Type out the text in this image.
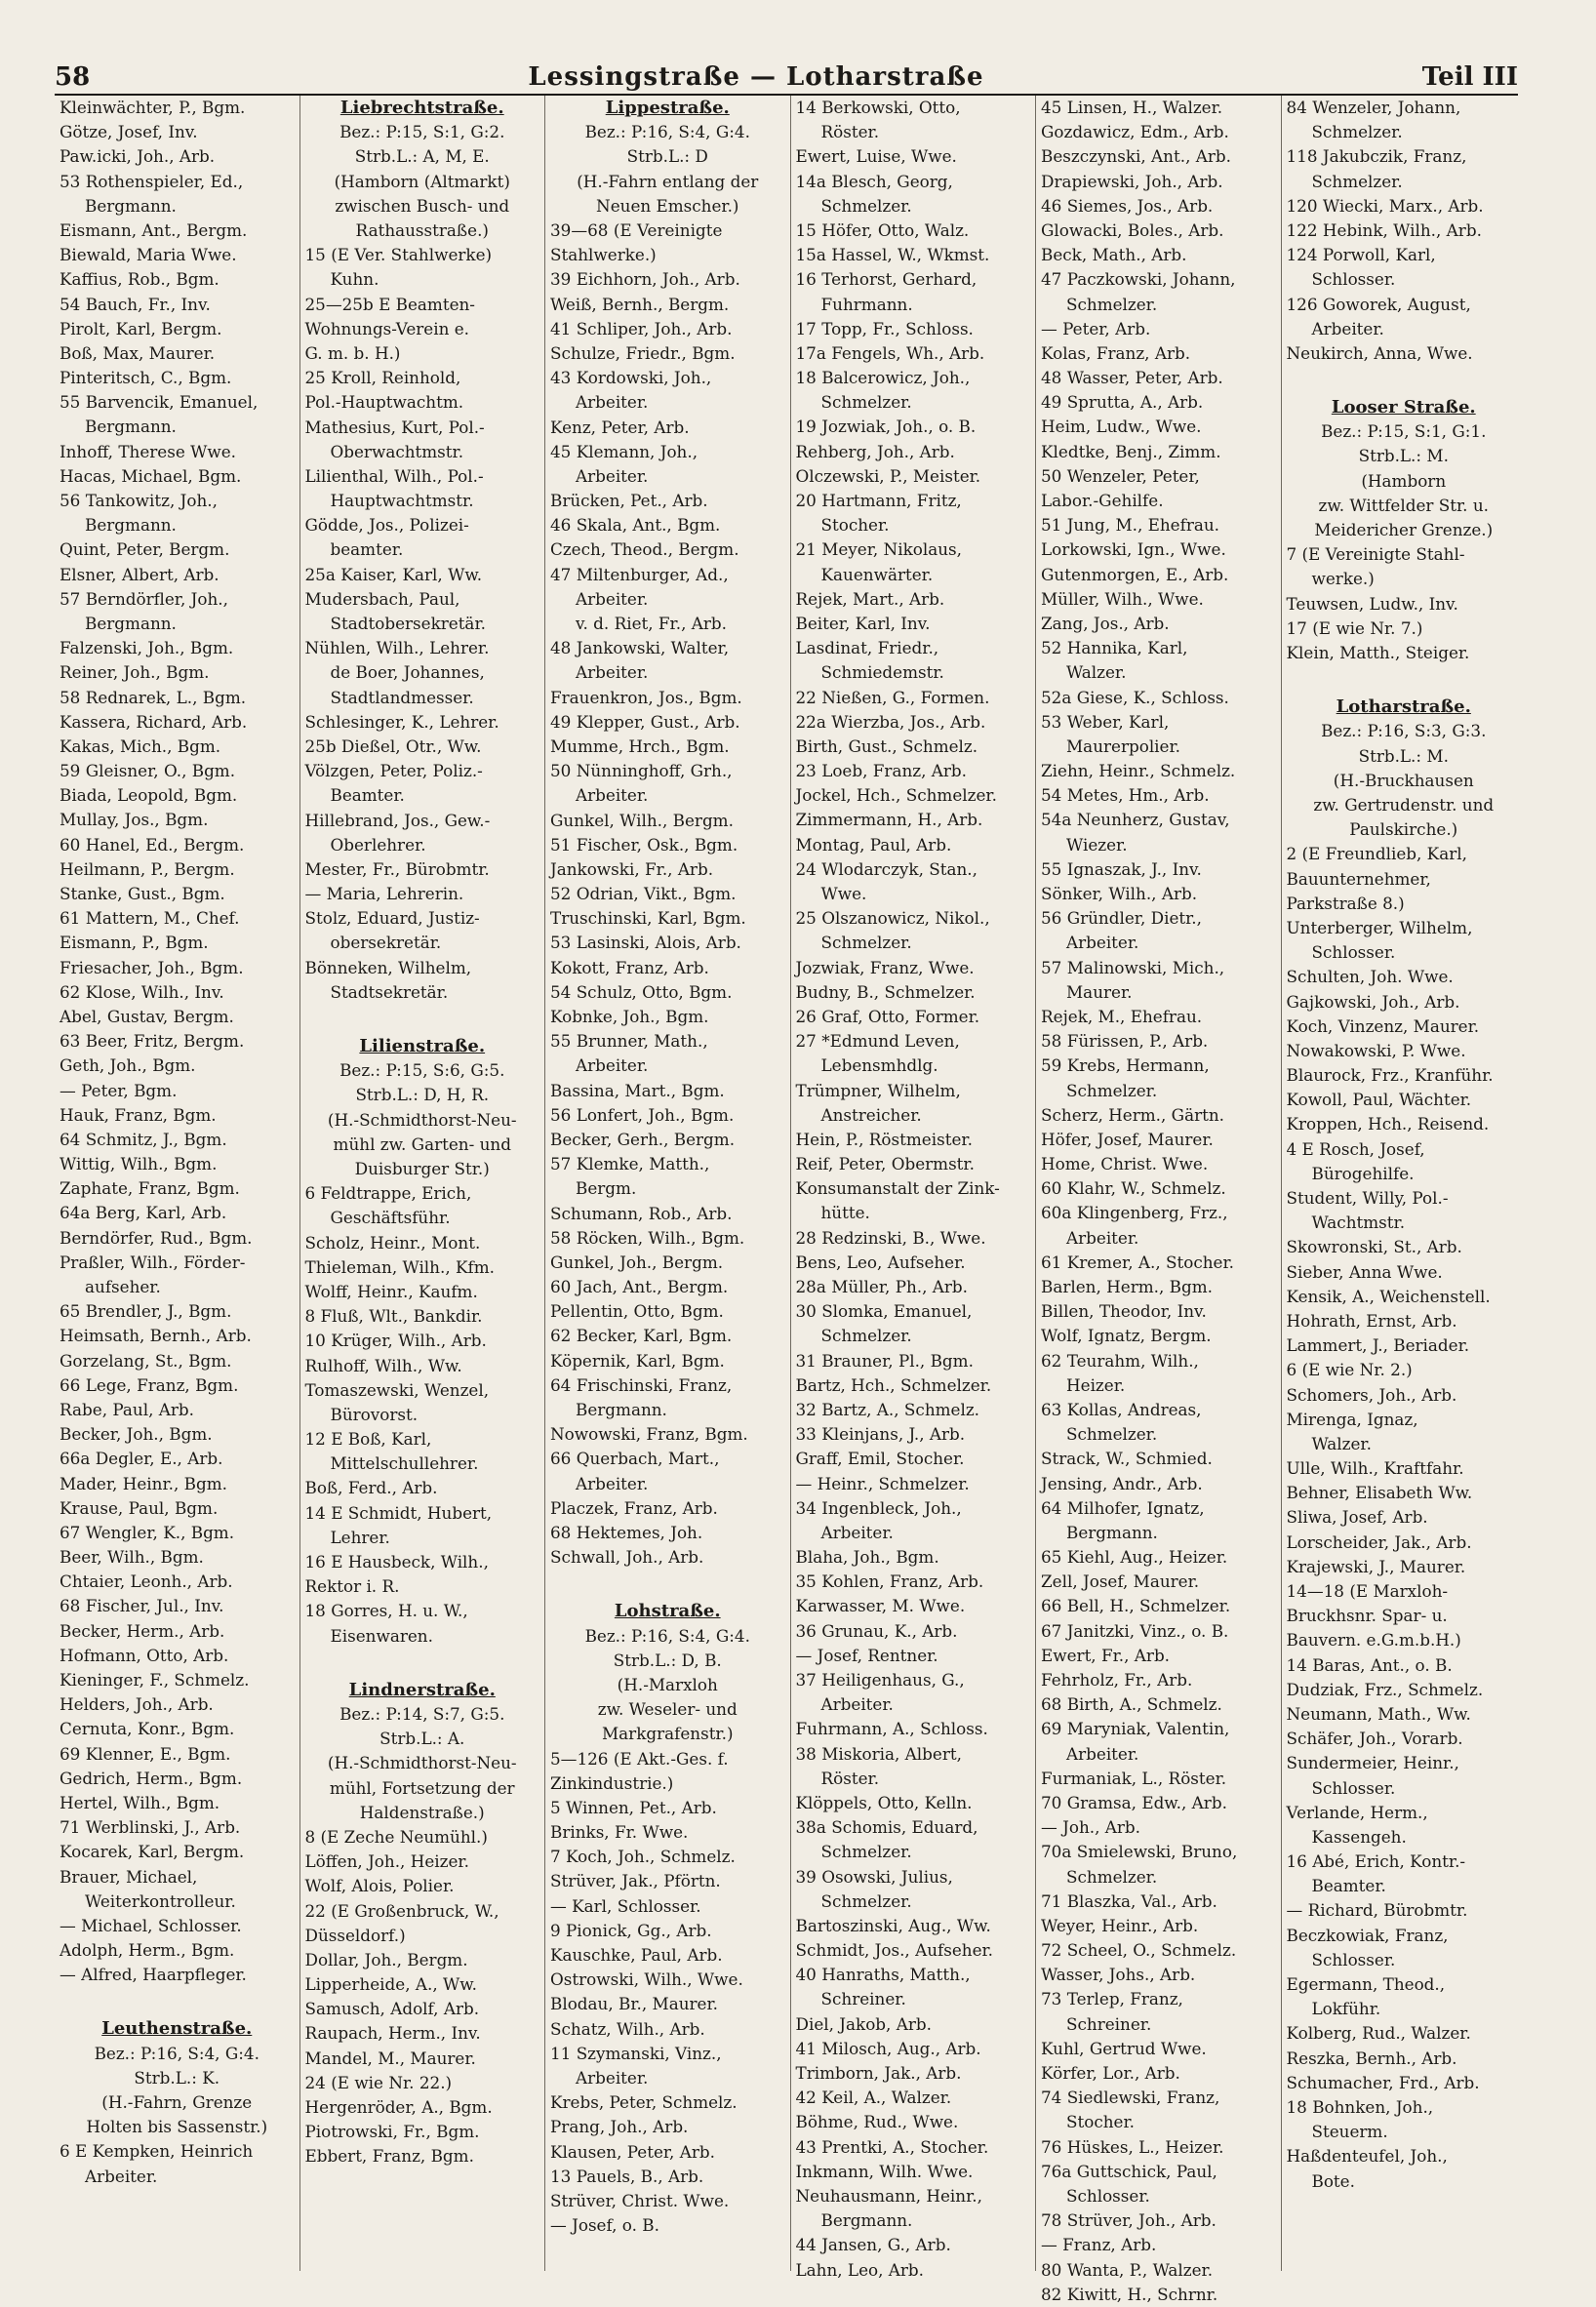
58	Lessingstraße — Lotharstraße	Teil III
Kleinwächter, P., Bgm.
Götze, Josef, Inv.
Paw.icki, Joh., Arb.
53 Rothenspieler, Ed.,
Bergmann.
Eismann, Ant., Bergm.
Biewald, Maria Wwe.
Kaffius, Rob., Bgm.
54 Bauch, Fr., Inv.
Pirolt, Karl, Bergm.
Boß, Max, Maurer.
Pinteritsch, C., Bgm.
55 Barvencik, Emanuel,
Bergmann.
Inhoff, Therese Wwe.
Hacas, Michael, Bgm.
56 Tankowitz, Joh.,
Bergmann.
Quint, Peter, Bergm.
Elsner, Albert, Arb.
57 Berndörfler, Joh.,
Bergmann.
Falzenski, Joh., Bgm.
Reiner, Joh., Bgm.
58 Rednarek, L., Bgm.
Kassera, Richard, Arb.
Kakas, Mich., Bgm.
59 Gleisner, O., Bgm.
Biada, Leopold, Bgm.
Mullay, Jos., Bgm.
60 Hanel, Ed., Bergm.
Heilmann, P., Bergm.
Stanke, Gust., Bgm.
61 Mattern, M., Chef.
Eismann, P., Bgm.
Friesacher, Joh., Bgm.
62 Klose, Wilh., Inv.
Abel, Gustav, Bergm.
63 Beer, Fritz, Bergm.
Geth, Joh., Bgm.
— Peter, Bgm.
Hauk, Franz, Bgm.
64 Schmitz, J., Bgm.
Wittig, Wilh., Bgm.
Zaphate, Franz, Bgm.
64a Berg, Karl, Arb.
Berndörfer, Rud., Bgm.
Praßler, Wilh., Förder-
aufseher.
65 Brendler, J., Bgm.
Heimsath, Bernh., Arb.
Gorzelang, St., Bgm.
66 Lege, Franz, Bgm.
Rabe, Paul, Arb.
Becker, Joh., Bgm.
66a Degler, E., Arb.
Mader, Heinr., Bgm.
Krause, Paul, Bgm.
67 Wengler, K., Bgm.
Beer, Wilh., Bgm.
Chtaier, Leonh., Arb.
68 Fischer, Jul., Inv.
Becker, Herm., Arb.
Hofmann, Otto, Arb.
Kieninger, F., Schmelz.
Helders, Joh., Arb.
Cernuta, Konr., Bgm.
69 Klenner, E., Bgm.
Gedrich, Herm., Bgm.
Hertel, Wilh., Bgm.
71 Werblinski, J., Arb.
Kocarek, Karl, Bergm.
Brauer, Michael,
Weiterkontrolleur.
— Michael, Schlosser.
Adolph, Herm., Bgm.
— Alfred, Haarpfleger.
Leuthenstraße.
Bez.: P:16, S:4, G:4.
Strb.L.: K.
(H.-Fahrn, Grenze
Holten bis Sassenstr.)
6 E Kempken, Heinrich
Arbeiter.
Liebrechtstraße.
Bez.: P:15, S:1, G:2.
Strb.L.: A, M, E.
(Hamborn (Altmarkt)
zwischen Busch- und
Rathausstraße.)
15 (E Ver. Stahlwerke)
Kuhn.
25—25b E Beamten-
Wohnungs-Verein e.
G. m. b. H.)
25 Kroll, Reinhold,
Pol.-Hauptwachtm.
Mathesius, Kurt, Pol.-
Oberwachtmstr.
Lilienthal, Wilh., Pol.-
Hauptwachtmstr.
Gödde, Jos., Polizei-
beamter.
25a Kaiser, Karl, Ww.
Mudersbach, Paul,
Stadtobersekretär.
Nühlen, Wilh., Lehrer.
de Boer, Johannes,
Stadtlandmesser.
Schlesinger, K., Lehrer.
25b Dießel, Otr., Ww.
Völzgen, Peter, Poliz.-
Beamter.
Hillebrand, Jos., Gew.-
Oberlehrer.
Mester, Fr., Bürobmtr.
— Maria, Lehrerin.
Stolz, Eduard, Justiz-
obersekretär.
Bönneken, Wilhelm,
Stadtsekretär.
Lilienstraße.
Bez.: P:15, S:6, G:5.
Strb.L.: D, H, R.
(H.-Schmidthorst-Neu-
mühl zw. Garten- und
Duisburger Str.)
6 Feldtrappe, Erich,
Geschäftsführ.
Scholz, Heinr., Mont.
Thieleman, Wilh., Kfm.
Wolff, Heinr., Kaufm.
8 Fluß, Wlt., Bankdir.
10 Krüger, Wilh., Arb.
Rulhoff, Wilh., Ww.
Tomaszewski, Wenzel,
Bürovorst.
12 E Boß, Karl,
Mittelschullehrer.
Boß, Ferd., Arb.
14 E Schmidt, Hubert,
Lehrer.
16 E Hausbeck, Wilh.,
Rektor i. R.
18 Gorres, H. u. W.,
Eisenwaren.
Lindnerstraße.
Bez.: P:14, S:7, G:5.
Strb.L.: A.
(H.-Schmidthorst-Neu-
mühl, Fortsetzung der
Haldenstraße.)
8 (E Zeche Neumühl.)
Löffen, Joh., Heizer.
Wolf, Alois, Polier.
22 (E Großenbruck, W.,
Düsseldorf.)
Dollar, Joh., Bergm.
Lipperheide, A., Ww.
Samusch, Adolf, Arb.
Raupach, Herm., Inv.
Mandel, M., Maurer.
24 (E wie Nr. 22.)
Hergenröder, A., Bgm.
Piotrowski, Fr., Bgm.
Ebbert, Franz, Bgm.
Lippestraße.
Bez.: P:16, S:4, G:4.
Strb.L.: D
(H.-Fahrn entlang der
Neuen Emscher.)
39—68 (E Vereinigte
Stahlwerke.)
39 Eichhorn, Joh., Arb.
Weiß, Bernh., Bergm.
41 Schliper, Joh., Arb.
Schulze, Friedr., Bgm.
43 Kordowski, Joh.,
Arbeiter.
Kenz, Peter, Arb.
45 Klemann, Joh.,
Arbeiter.
Brücken, Pet., Arb.
46 Skala, Ant., Bgm.
Czech, Theod., Bergm.
47 Miltenburger, Ad.,
Arbeiter.
v. d. Riet, Fr., Arb.
48 Jankowski, Walter,
Arbeiter.
Frauenkron, Jos., Bgm.
49 Klepper, Gust., Arb.
Mumme, Hrch., Bgm.
50 Nünninghoff, Grh.,
Arbeiter.
Gunkel, Wilh., Bergm.
51 Fischer, Osk., Bgm.
Jankowski, Fr., Arb.
52 Odrian, Vikt., Bgm.
Truschinski, Karl, Bgm.
53 Lasinski, Alois, Arb.
Kokott, Franz, Arb.
54 Schulz, Otto, Bgm.
Kobnke, Joh., Bgm.
55 Brunner, Math.,
Arbeiter.
Bassina, Mart., Bgm.
56 Lonfert, Joh., Bgm.
Becker, Gerh., Bergm.
57 Klemke, Matth.,
Bergm.
Schumann, Rob., Arb.
58 Röcken, Wilh., Bgm.
Gunkel, Joh., Bergm.
60 Jach, Ant., Bergm.
Pellentin, Otto, Bgm.
62 Becker, Karl, Bgm.
Köpernik, Karl, Bgm.
64 Frischinski, Franz,
Bergmann.
Nowowski, Franz, Bgm.
66 Querbach, Mart.,
Arbeiter.
Placzek, Franz, Arb.
68 Hektemes, Joh.
Schwall, Joh., Arb.
Lohstraße.
Bez.: P:16, S:4, G:4.
Strb.L.: D, B.
(H.-Marxloh
zw. Weseler- und
Markgrafenstr.)
5—126 (E Akt.-Ges. f.
Zinkindustrie.)
5 Winnen, Pet., Arb.
Brinks, Fr. Wwe.
7 Koch, Joh., Schmelz.
Strüver, Jak., Pförtn.
— Karl, Schlosser.
9 Pionick, Gg., Arb.
Kauschke, Paul, Arb.
Ostrowski, Wilh., Wwe.
Blodau, Br., Maurer.
Schatz, Wilh., Arb.
11 Szymanski, Vinz.,
Arbeiter.
Krebs, Peter, Schmelz.
Prang, Joh., Arb.
Klausen, Peter, Arb.
13 Pauels, B., Arb.
Strüver, Christ. Wwe.
— Josef, o. B.
14 Berkowski, Otto,
Röster.
Ewert, Luise, Wwe.
14a Blesch, Georg,
Schmelzer.
15 Höfer, Otto, Walz.
15a Hassel, W., Wkmst.
16 Terhorst, Gerhard,
Fuhrmann.
17 Topp, Fr., Schloss.
17a Fengels, Wh., Arb.
18 Balcerowicz, Joh.,
Schmelzer.
19 Jozwiak, Joh., o. B.
Rehberg, Joh., Arb.
Olczewski, P., Meister.
20 Hartmann, Fritz,
Stocher.
21 Meyer, Nikolaus,
Kauenwärter.
Rejek, Mart., Arb.
Beiter, Karl, Inv.
Lasdinat, Friedr.,
Schmiedemstr.
22 Nießen, G., Formen.
22a Wierzba, Jos., Arb.
Birth, Gust., Schmelz.
23 Loeb, Franz, Arb.
Jockel, Hch., Schmelzer.
Zimmermann, H., Arb.
Montag, Paul, Arb.
24 Wlodarczyk, Stan.,
Wwe.
25 Olszanowicz, Nikol.,
Schmelzer.
Jozwiak, Franz, Wwe.
Budny, B., Schmelzer.
26 Graf, Otto, Former.
27 *Edmund Leven,
Lebensmhdlg.
Trümpner, Wilhelm,
Anstreicher.
Hein, P., Röstmeister.
Reif, Peter, Obermstr.
Konsumanstalt der Zink-
hütte.
28 Redzinski, B., Wwe.
Bens, Leo, Aufseher.
28a Müller, Ph., Arb.
30 Slomka, Emanuel,
Schmelzer.
31 Brauner, Pl., Bgm.
Bartz, Hch., Schmelzer.
32 Bartz, A., Schmelz.
33 Kleinjans, J., Arb.
Graff, Emil, Stocher.
— Heinr., Schmelzer.
34 Ingenbleck, Joh.,
Arbeiter.
Blaha, Joh., Bgm.
35 Kohlen, Franz, Arb.
Karwasser, M. Wwe.
36 Grunau, K., Arb.
— Josef, Rentner.
37 Heiligenhaus, G.,
Arbeiter.
Fuhrmann, A., Schloss.
38 Miskoria, Albert,
Röster.
Klöppels, Otto, Kelln.
38a Schomis, Eduard,
Schmelzer.
39 Osowski, Julius,
Schmelzer.
Bartoszinski, Aug., Ww.
Schmidt, Jos., Aufseher.
40 Hanraths, Matth.,
Schreiner.
Diel, Jakob, Arb.
41 Milosch, Aug., Arb.
Trimborn, Jak., Arb.
42 Keil, A., Walzer.
Böhme, Rud., Wwe.
43 Prentki, A., Stocher.
Inkmann, Wilh. Wwe.
Neuhausmann, Heinr.,
Bergmann.
44 Jansen, G., Arb.
Lahn, Leo, Arb.
45 Linsen, H., Walzer.
Gozdawicz, Edm., Arb.
Beszczynski, Ant., Arb.
Drapiewski, Joh., Arb.
46 Siemes, Jos., Arb.
Glowacki, Boles., Arb.
Beck, Math., Arb.
47 Paczkowski, Johann,
Schmelzer.
— Peter, Arb.
Kolas, Franz, Arb.
48 Wasser, Peter, Arb.
49 Sprutta, A., Arb.
Heim, Ludw., Wwe.
Kledtke, Benj., Zimm.
50 Wenzeler, Peter,
Labor.-Gehilfe.
51 Jung, M., Ehefrau.
Lorkowski, Ign., Wwe.
Gutenmorgen, E., Arb.
Müller, Wilh., Wwe.
Zang, Jos., Arb.
52 Hannika, Karl,
Walzer.
52a Giese, K., Schloss.
53 Weber, Karl,
Maurerpolier.
Ziehn, Heinr., Schmelz.
54 Metes, Hm., Arb.
54a Neunherz, Gustav,
Wiezer.
55 Ignaszak, J., Inv.
Sönker, Wilh., Arb.
56 Gründler, Dietr.,
Arbeiter.
57 Malinowski, Mich.,
Maurer.
Rejek, M., Ehefrau.
58 Fürissen, P., Arb.
59 Krebs, Hermann,
Schmelzer.
Scherz, Herm., Gärtn.
Höfer, Josef, Maurer.
Home, Christ. Wwe.
60 Klahr, W., Schmelz.
60a Klingenberg, Frz.,
Arbeiter.
61 Kremer, A., Stocher.
Barlen, Herm., Bgm.
Billen, Theodor, Inv.
Wolf, Ignatz, Bergm.
62 Teurahm, Wilh.,
Heizer.
63 Kollas, Andreas,
Schmelzer.
Strack, W., Schmied.
Jensing, Andr., Arb.
64 Milhofer, Ignatz,
Bergmann.
65 Kiehl, Aug., Heizer.
Zell, Josef, Maurer.
66 Bell, H., Schmelzer.
67 Janitzki, Vinz., o. B.
Ewert, Fr., Arb.
Fehrholz, Fr., Arb.
68 Birth, A., Schmelz.
69 Maryniak, Valentin,
Arbeiter.
Furmaniak, L., Röster.
70 Gramsa, Edw., Arb.
— Joh., Arb.
70a Smielewski, Bruno,
Schmelzer.
71 Blaszka, Val., Arb.
Weyer, Heinr., Arb.
72 Scheel, O., Schmelz.
Wasser, Johs., Arb.
73 Terlep, Franz,
Schreiner.
Kuhl, Gertrud Wwe.
Körfer, Lor., Arb.
74 Siedlewski, Franz,
Stocher.
76 Hüskes, L., Heizer.
76a Guttschick, Paul,
Schlosser.
78 Strüver, Joh., Arb.
— Franz, Arb.
80 Wanta, P., Walzer.
82 Kiwitt, H., Schrnr.
84 Wenzeler, Johann,
Schmelzer.
118 Jakubczik, Franz,
Schmelzer.
120 Wiecki, Marx., Arb.
122 Hebink, Wilh., Arb.
124 Porwoll, Karl,
Schlosser.
126 Goworek, August,
Arbeiter.
Neukirch, Anna, Wwe.
Looser Straße.
Bez.: P:15, S:1, G:1.
Strb.L.: M.
(Hamborn
zw. Wittfelder Str. u.
Meidericher Grenze.)
7 (E Vereinigte Stahl-
werke.)
Teuwsen, Ludw., Inv.
17 (E wie Nr. 7.)
Klein, Matth., Steiger.
Lotharstraße.
Bez.: P:16, S:3, G:3.
Strb.L.: M.
(H.-Bruckhausen
zw. Gertrudenstr. und
Paulskirche.)
2 (E Freundlieb, Karl,
Bauunternehmer,
Parkstraße 8.)
Unterberger, Wilhelm,
Schlosser.
Schulten, Joh. Wwe.
Gajkowski, Joh., Arb.
Koch, Vinzenz, Maurer.
Nowakowski, P. Wwe.
Blaurock, Frz., Kranführ.
Kowoll, Paul, Wächter.
Kroppen, Hch., Reisend.
4 E Rosch, Josef,
Bürogehilfe.
Student, Willy, Pol.-
Wachtmstr.
Skowronski, St., Arb.
Sieber, Anna Wwe.
Kensik, A., Weichenstell.
Hohrath, Ernst, Arb.
Lammert, J., Beriader.
6 (E wie Nr. 2.)
Schomers, Joh., Arb.
Mirenga, Ignaz,
Walzer.
Ulle, Wilh., Kraftfahr.
Behner, Elisabeth Ww.
Sliwa, Josef, Arb.
Lorscheider, Jak., Arb.
Krajewski, J., Maurer.
14—18 (E Marxloh-
Bruckhsnr. Spar- u.
Bauvern. e.G.m.b.H.)
14 Baras, Ant., o. B.
Dudziak, Frz., Schmelz.
Neumann, Math., Ww.
Schäfer, Joh., Vorarb.
Sundermeier, Heinr.,
Schlosser.
Verlande, Herm.,
Kassengeh.
16 Abé, Erich, Kontr.-
Beamter.
— Richard, Bürobmtr.
Beczkowiak, Franz,
Schlosser.
Egermann, Theod.,
Lokführ.
Kolberg, Rud., Walzer.
Reszka, Bernh., Arb.
Schumacher, Frd., Arb.
18 Bohnken, Joh.,
Steuerm.
Haßdenteufel, Joh.,
Bote.
